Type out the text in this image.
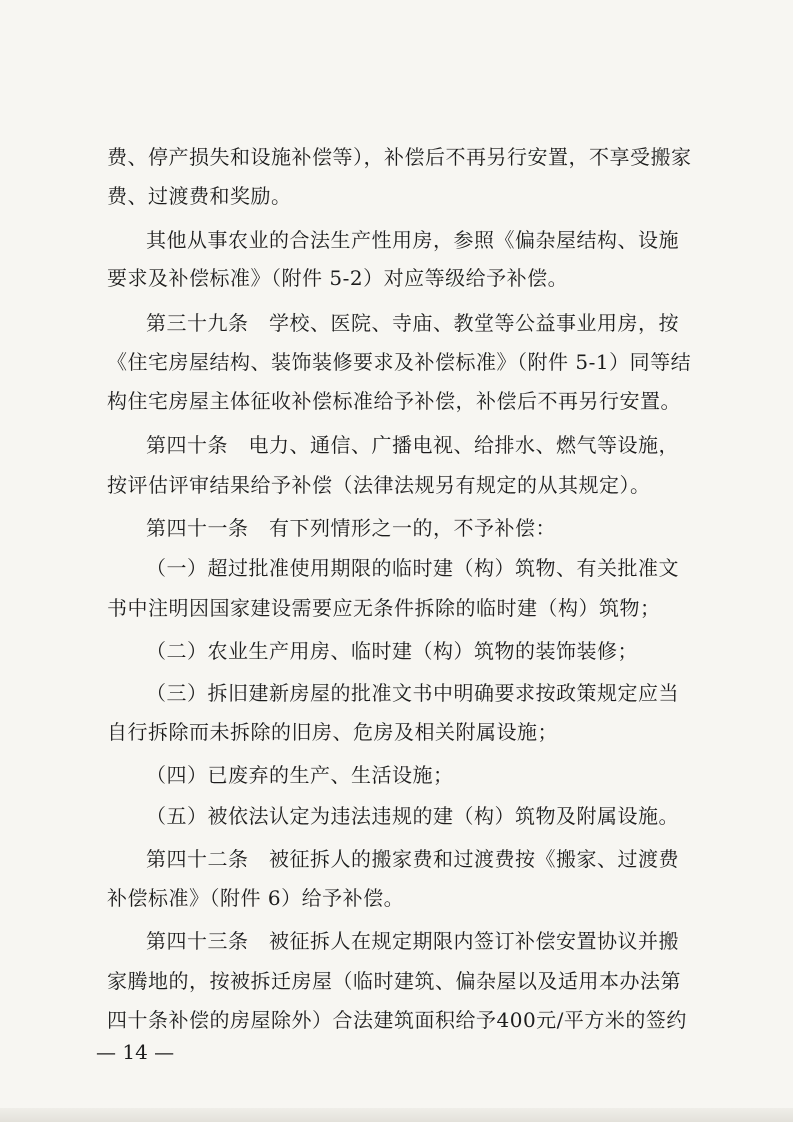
费、停产损失和设施补偿等），补偿后不再另行安置，不享受搬家
费、过渡费和奖励。
其他从事农业的合法生产性用房，参照《偏杂屋结构、设施
要求及补偿标准》（附件 5-2）对应等级给予补偿。
第三十九条　学校、医院、寺庙、教堂等公益事业用房，按
《住宅房屋结构、装饰装修要求及补偿标准》（附件 5-1）同等结
构住宅房屋主体征收补偿标准给予补偿，补偿后不再另行安置。
第四十条　电力、通信、广播电视、给排水、燃气等设施，
按评估评审结果给予补偿（法律法规另有规定的从其规定）。
第四十一条　有下列情形之一的，不予补偿：
（一）超过批准使用期限的临时建（构）筑物、有关批准文
书中注明因国家建设需要应无条件拆除的临时建（构）筑物；
（二）农业生产用房、临时建（构）筑物的装饰装修；
（三）拆旧建新房屋的批准文书中明确要求按政策规定应当
自行拆除而未拆除的旧房、危房及相关附属设施；
（四）已废弃的生产、生活设施；
（五）被依法认定为违法违规的建（构）筑物及附属设施。
第四十二条　被征拆人的搬家费和过渡费按《搬家、过渡费
补偿标准》（附件 6）给予补偿。
第四十三条　被征拆人在规定期限内签订补偿安置协议并搬
家腾地的，按被拆迁房屋（临时建筑、偏杂屋以及适用本办法第
四十条补偿的房屋除外）合法建筑面积给予400元/平方米的签约
— 14 —
